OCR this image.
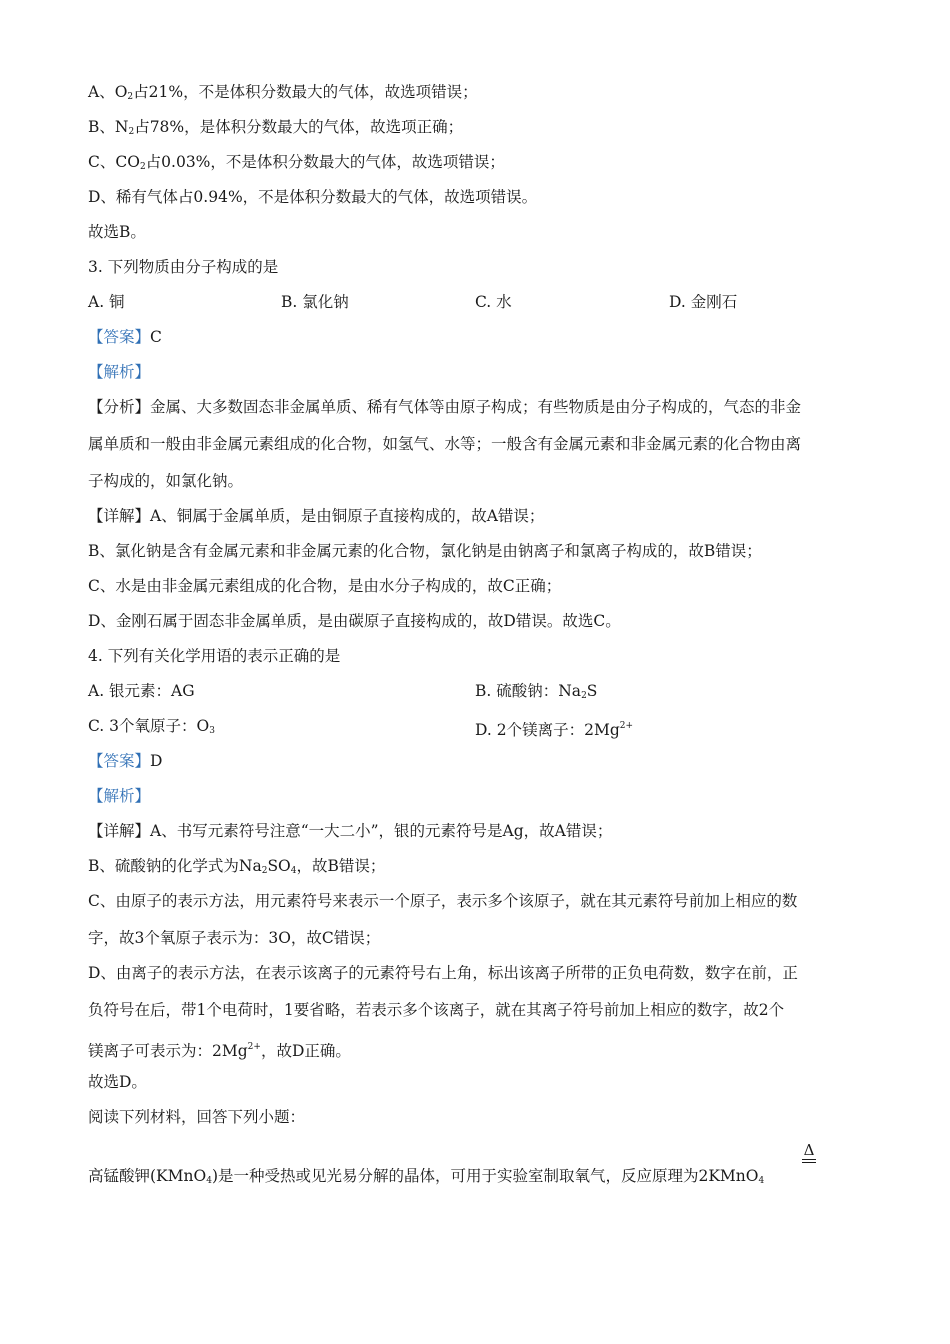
A、$O_2$占21%，不是体积分数最大的气体，故选项错误；
B、$N_2$占78%，是体积分数最大的气体，故选项正确；
C、$CO_2$占0.03%，不是体积分数最大的气体，故选项错误；
D、稀有气体占0.94%，不是体积分数最大的气体，故选项错误。
故选B。
3. 下列物质由分子构成的是
A. 铜	B. 氯化钠	C. 水	D. 金刚石
【答案】C
【解析】
【分析】金属、大多数固态非金属单质、稀有气体等由原子构成；有些物质是由分子构成的，气态的非金
属单质和一般由非金属元素组成的化合物，如氢气、水等；一般含有金属元素和非金属元素的化合物由离
子构成的，如氯化钠。
【详解】A、铜属于金属单质，是由铜原子直接构成的，故A错误；
B、氯化钠是含有金属元素和非金属元素的化合物，氯化钠是由钠离子和氯离子构成的，故B错误；
C、水是由非金属元素组成的化合物，是由水分子构成的，故C正确；
D、金刚石属于固态非金属单质，是由碳原子直接构成的，故D错误。故选C。
4. 下列有关化学用语的表示正确的是
A. 银元素：AG	B. 硫酸钠：$Na_2S$
C. 3个氧原子：$O_3$	D. 2个镁离子：$2Mg^{2+}$
【答案】D
【解析】
【详解】A、书写元素符号注意“一大二小”，银的元素符号是Ag，故A错误；
B、硫酸钠的化学式为$Na_2SO_4$，故B错误；
C、由原子的表示方法，用元素符号来表示一个原子，表示多个该原子，就在其元素符号前加上相应的数
字，故3个氧原子表示为：3O，故C错误；
D、由离子的表示方法，在表示该离子的元素符号右上角，标出该离子所带的正负电荷数，数字在前，正
负符号在后，带1个电荷时，1要省略，若表示多个该离子，就在其离子符号前加上相应的数字，故2个
镁离子可表示为：$2Mg^{2+}$，故D正确。
故选D。
阅读下列材料，回答下列小题：
Δ
高锰酸钾(KMnO$_4$)是一种受热或见光易分解的晶体，可用于实验室制取氧气，反应原理为2KMnO$_4$
